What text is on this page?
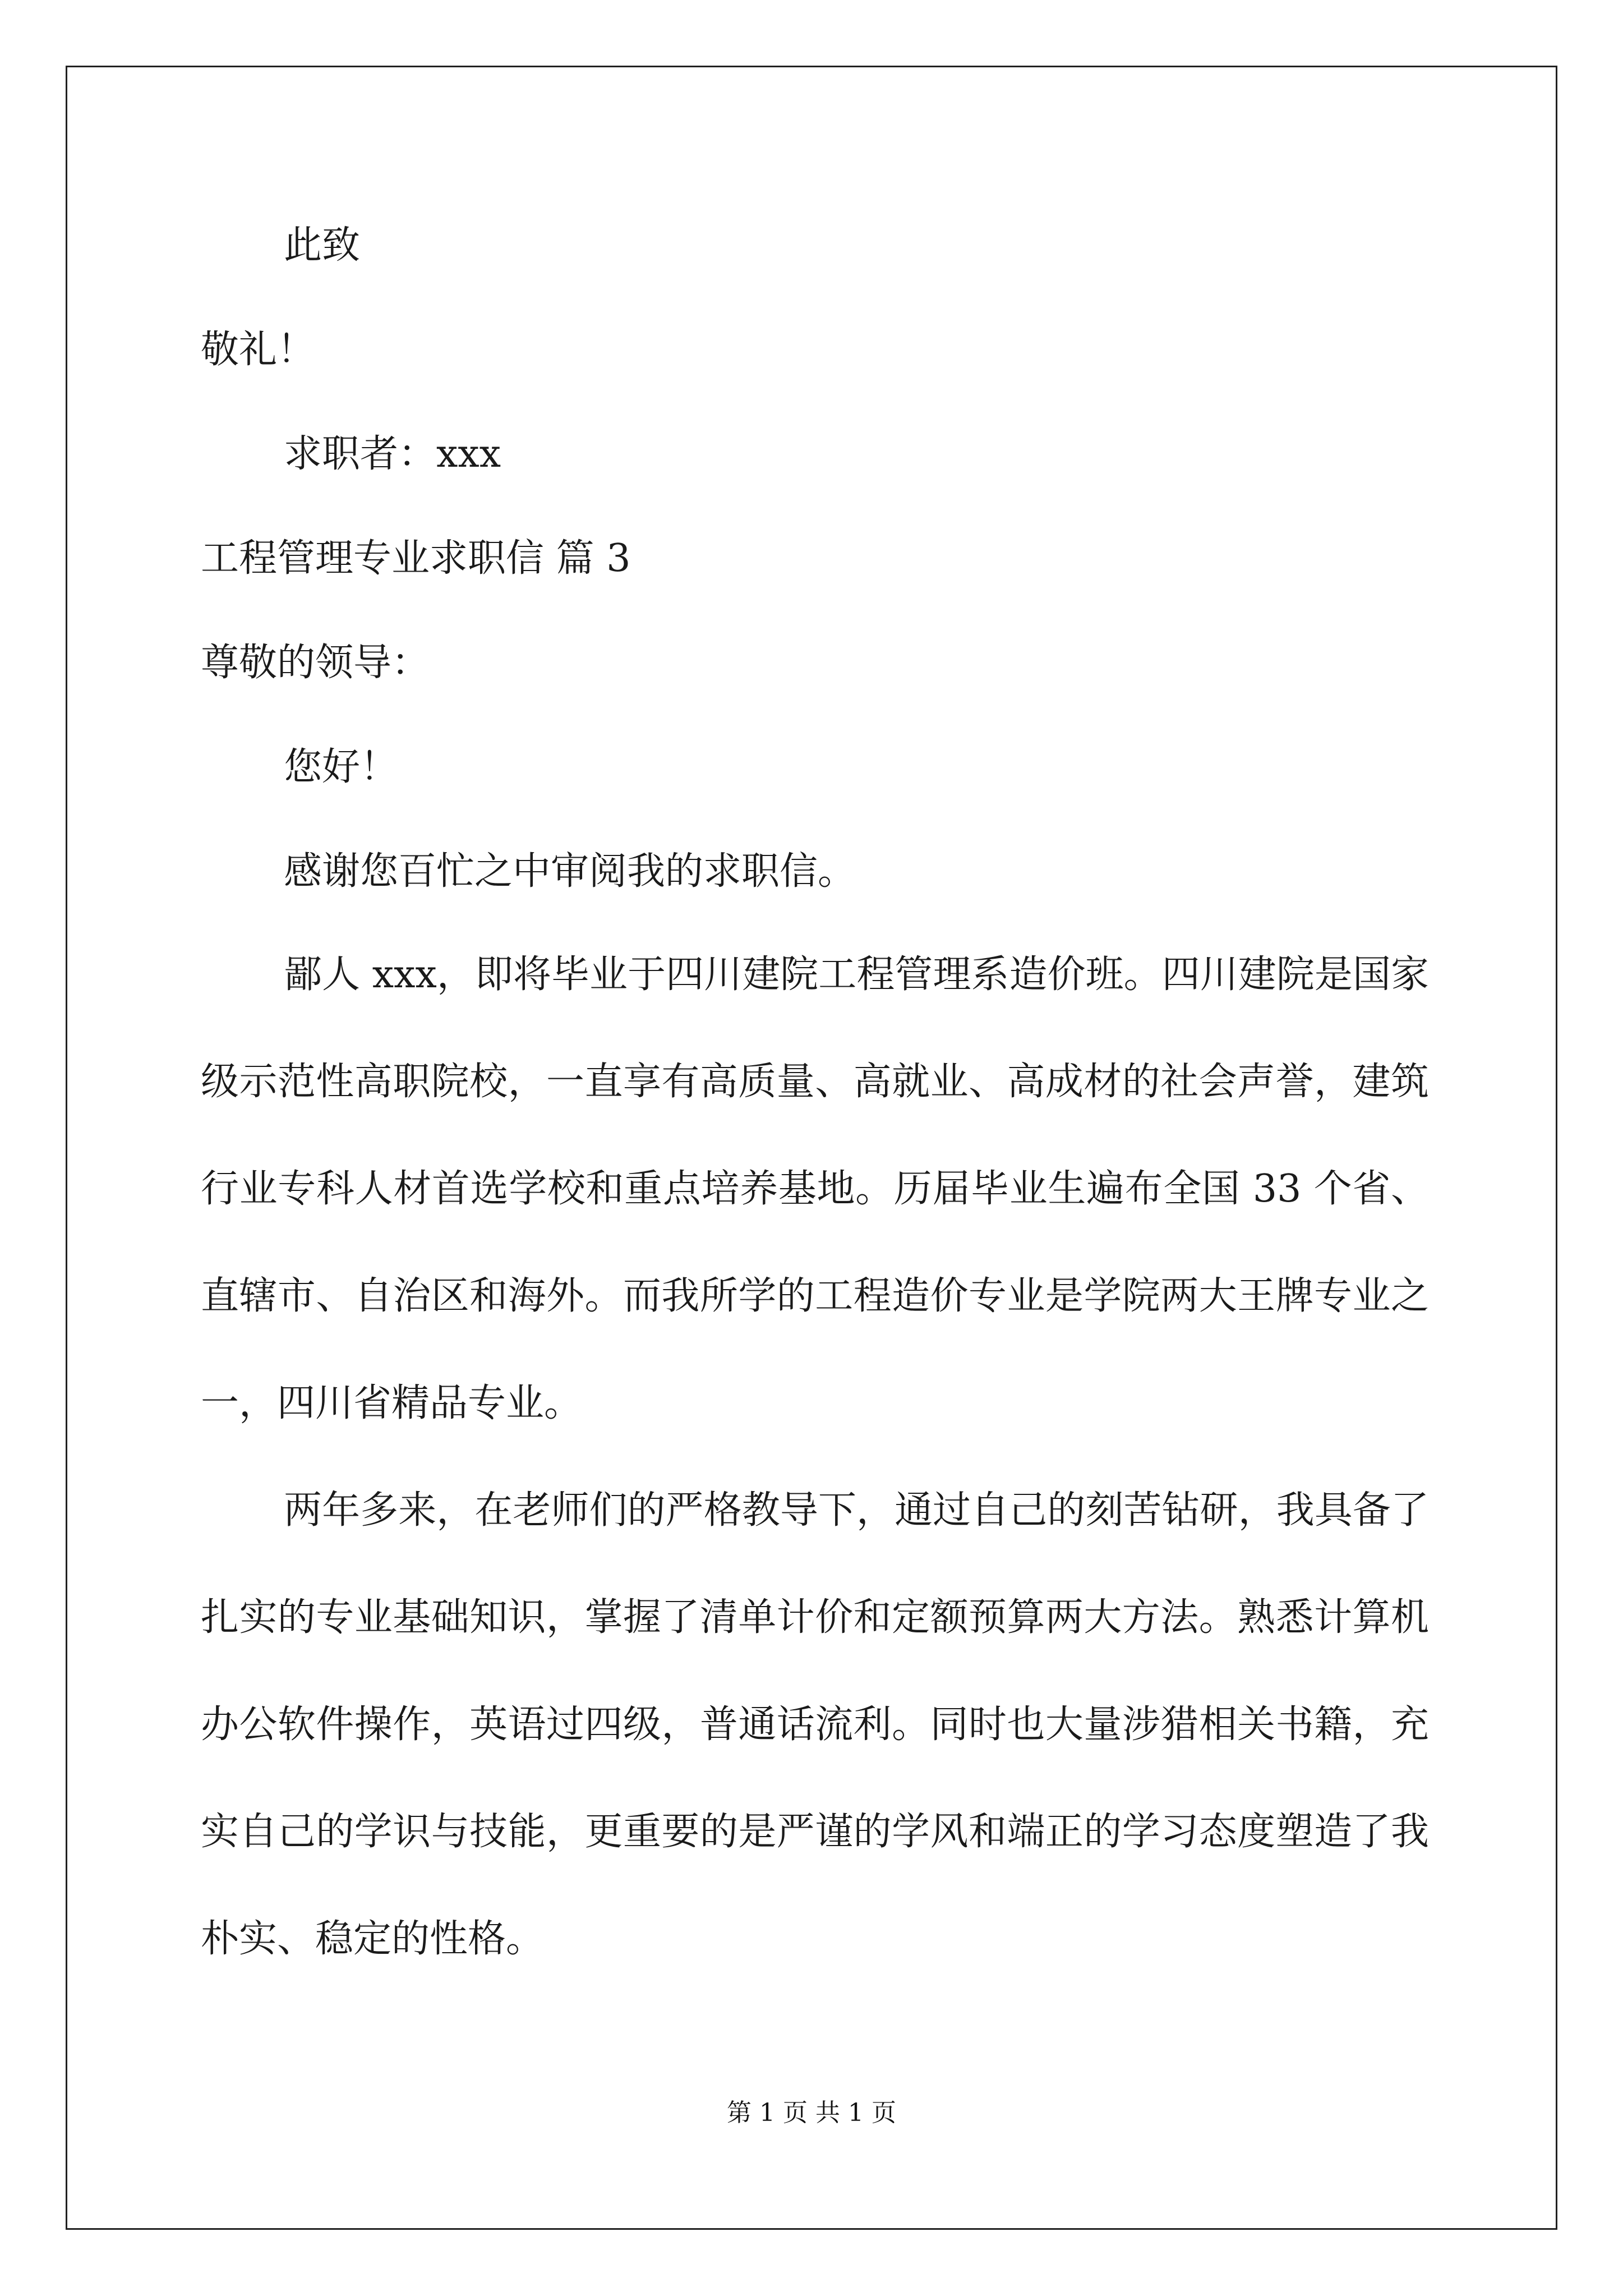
此致

敬礼！

求职者：xxx

工程管理专业求职信 篇 3

尊敬的领导：

您好！

感谢您百忙之中审阅我的求职信。

鄙人 xxx，即将毕业于四川建院工程管理系造价班。四川建院是国家级示范性高职院校，一直享有高质量、高就业、高成材的社会声誉，建筑行业专科人材首选学校和重点培养基地。历届毕业生遍布全国 33 个省、直辖市、自治区和海外。而我所学的工程造价专业是学院两大王牌专业之一，四川省精品专业。

两年多来，在老师们的严格教导下，通过自己的刻苦钻研，我具备了扎实的专业基础知识，掌握了清单计价和定额预算两大方法。熟悉计算机办公软件操作，英语过四级，普通话流利。同时也大量涉猎相关书籍，充实自己的学识与技能，更重要的是严谨的学风和端正的学习态度塑造了我朴实、稳定的性格。

第 1 页 共 1 页
